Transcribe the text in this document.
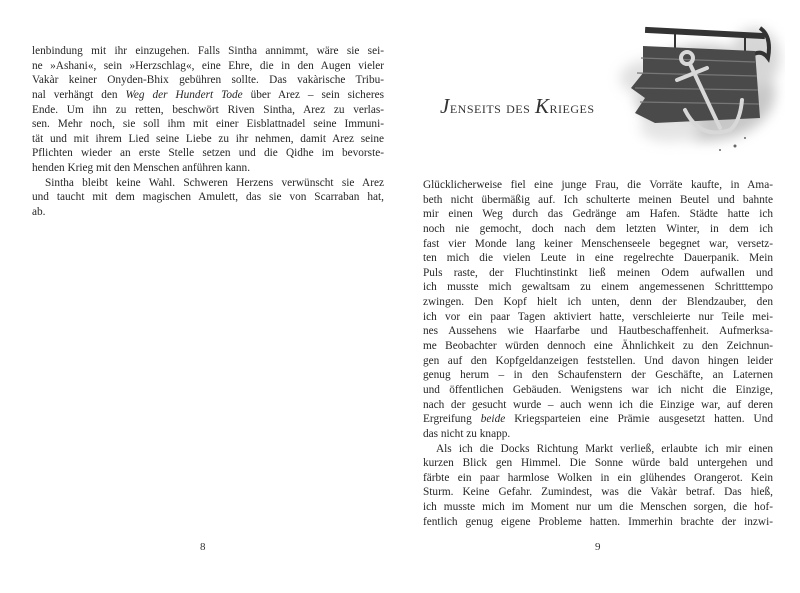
lenbindung mit ihr einzugehen. Falls Sintha annimmt, wäre sie sei-
ne »Ashani«, sein »Herzschlag«, eine Ehre, die in den Augen vieler
Vakàr keiner Onyden-Bhix gebühren sollte. Das vakàrische Tribu-
nal verhängt den Weg der Hundert Tode über Arez – sein sicheres
Ende. Um ihn zu retten, beschwört Riven Sintha, Arez zu verlas-
sen. Mehr noch, sie soll ihm mit einer Eisblattnadel seine Immuni-
tät und mit ihrem Lied seine Liebe zu ihr nehmen, damit Arez seine
Pflichten wieder an erste Stelle setzen und die Qidhe im bevorste-
henden Krieg mit den Menschen anführen kann.
Sintha bleibt keine Wahl. Schweren Herzens verwünscht sie Arez
und taucht mit dem magischen Amulett, das sie von Scarraban hat,
ab.
8
Jenseits des Krieges
Glücklicherweise fiel eine junge Frau, die Vorräte kaufte, in Ama-
beth nicht übermäßig auf. Ich schulterte meinen Beutel und bahnte
mir einen Weg durch das Gedränge am Hafen. Städte hatte ich
noch nie gemocht, doch nach dem letzten Winter, in dem ich
fast vier Monde lang keiner Menschenseele begegnet war, versetz-
ten mich die vielen Leute in eine regelrechte Dauerpanik. Mein
Puls raste, der Fluchtinstinkt ließ meinen Odem aufwallen und
ich musste mich gewaltsam zu einem angemessenen Schritttempo
zwingen. Den Kopf hielt ich unten, denn der Blendzauber, den
ich vor ein paar Tagen aktiviert hatte, verschleierte nur Teile mei-
nes Aussehens wie Haarfarbe und Hautbeschaffenheit. Aufmerksa-
me Beobachter würden dennoch eine Ähnlichkeit zu den Zeichnun-
gen auf den Kopfgeldanzeigen feststellen. Und davon hingen leider
genug herum – in den Schaufenstern der Geschäfte, an Laternen
und öffentlichen Gebäuden. Wenigstens war ich nicht die Einzige,
nach der gesucht wurde – auch wenn ich die Einzige war, auf deren
Ergreifung beide Kriegsparteien eine Prämie ausgesetzt hatten. Und
das nicht zu knapp.
Als ich die Docks Richtung Markt verließ, erlaubte ich mir einen
kurzen Blick gen Himmel. Die Sonne würde bald untergehen und
färbte ein paar harmlose Wolken in ein glühendes Orangerot. Kein
Sturm. Keine Gefahr. Zumindest, was die Vakàr betraf. Das hieß,
ich musste mich im Moment nur um die Menschen sorgen, die hof-
fentlich genug eigene Probleme hatten. Immerhin brachte der inzwi-
9
